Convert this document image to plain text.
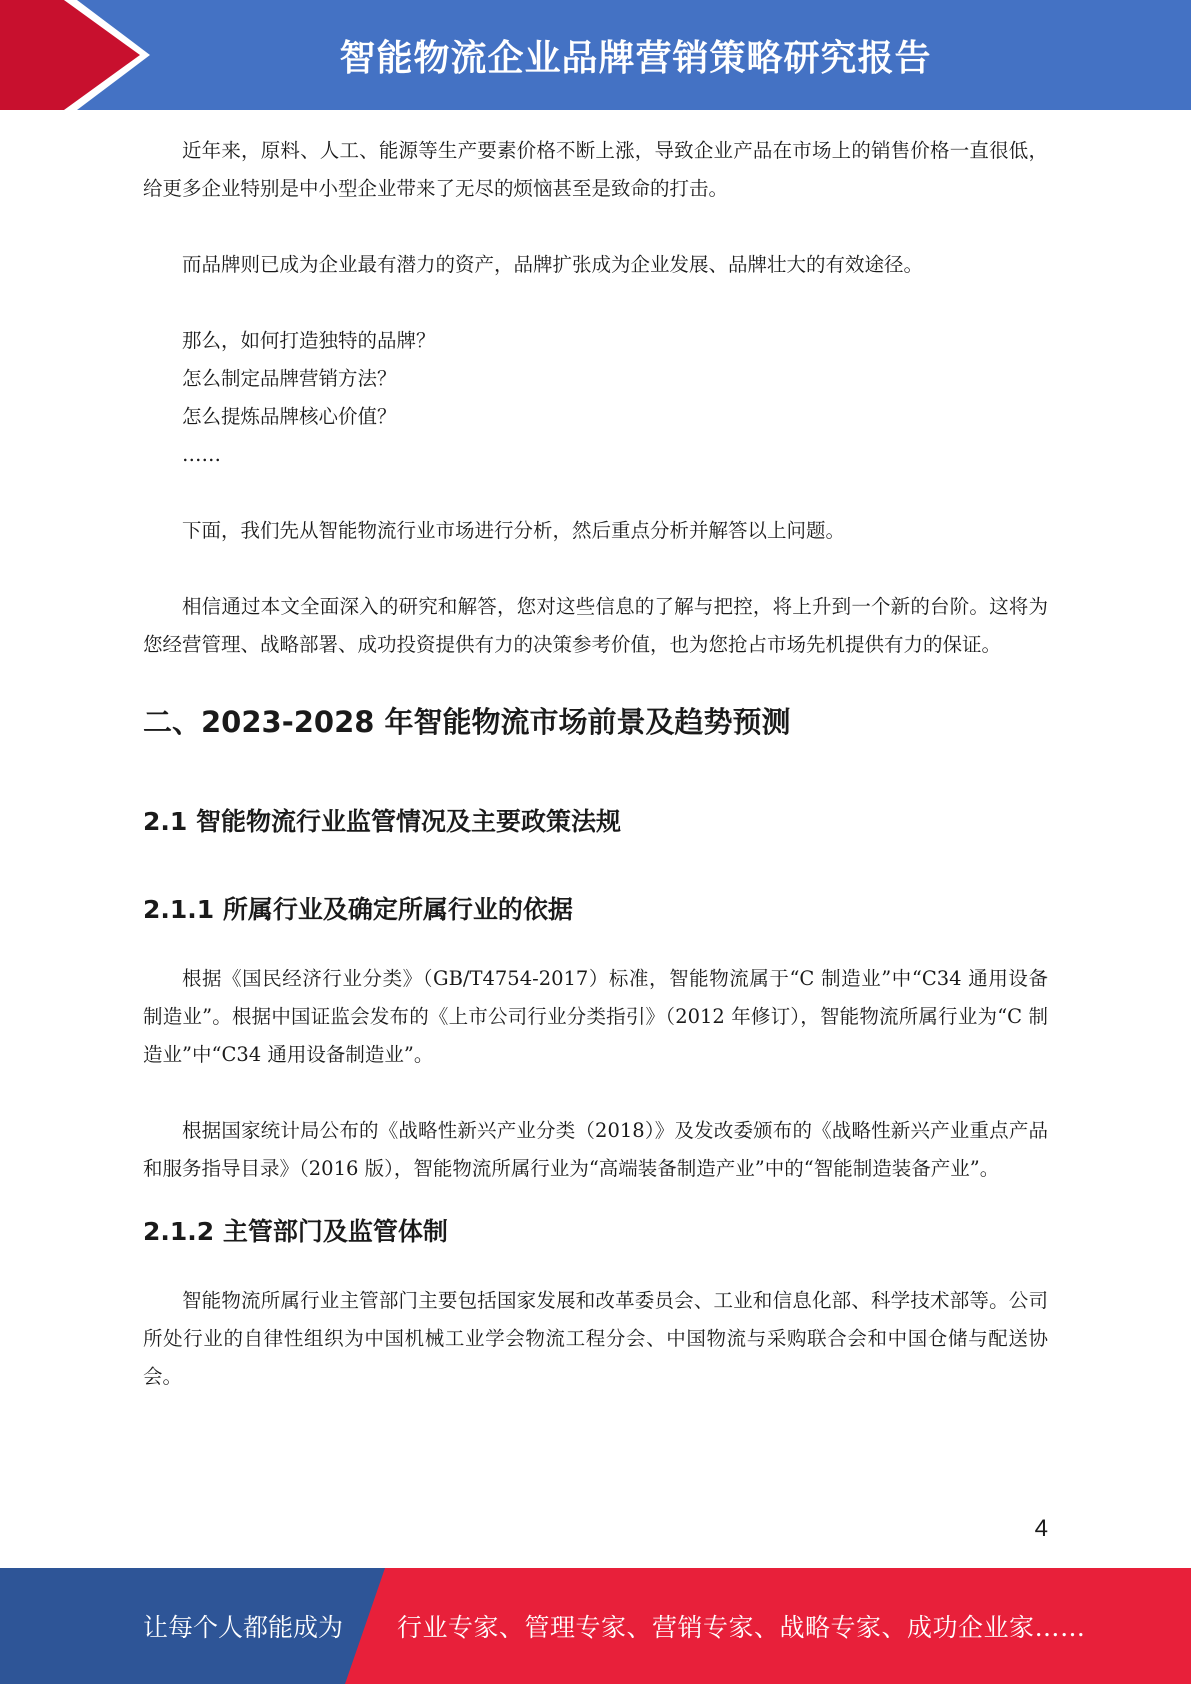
智能物流企业品牌营销策略研究报告

近年来，原料、人工、能源等生产要素价格不断上涨，导致企业产品在市场上的销售价格一直很低，给更多企业特别是中小型企业带来了无尽的烦恼甚至是致命的打击。

而品牌则已成为企业最有潜力的资产，品牌扩张成为企业发展、品牌壮大的有效途径。

那么，如何打造独特的品牌？

怎么制定品牌营销方法？

怎么提炼品牌核心价值？

……

下面，我们先从智能物流行业市场进行分析，然后重点分析并解答以上问题。

相信通过本文全面深入的研究和解答，您对这些信息的了解与把控，将上升到一个新的台阶。这将为您经营管理、战略部署、成功投资提供有力的决策参考价值，也为您抢占市场先机提供有力的保证。

二、2023-2028 年智能物流市场前景及趋势预测
2.1 智能物流行业监管情况及主要政策法规
2.1.1 所属行业及确定所属行业的依据

根据《国民经济行业分类》（GB/T4754-2017）标准，智能物流属于“C 制造业”中“C34 通用设备制造业”。根据中国证监会发布的《上市公司行业分类指引》（2012 年修订），智能物流所属行业为“C 制造业”中“C34 通用设备制造业”。

根据国家统计局公布的《战略性新兴产业分类（2018）》及发改委颁布的《战略性新兴产业重点产品和服务指导目录》（2016 版），智能物流所属行业为“高端装备制造产业”中的“智能制造装备产业”。

2.1.2 主管部门及监管体制

智能物流所属行业主管部门主要包括国家发展和改革委员会、工业和信息化部、科学技术部等。公司所处行业的自律性组织为中国机械工业学会物流工程分会、中国物流与采购联合会和中国仓储与配送协会。

4
让每个人都能成为 行业专家、管理专家、营销专家、战略专家、成功企业家……
